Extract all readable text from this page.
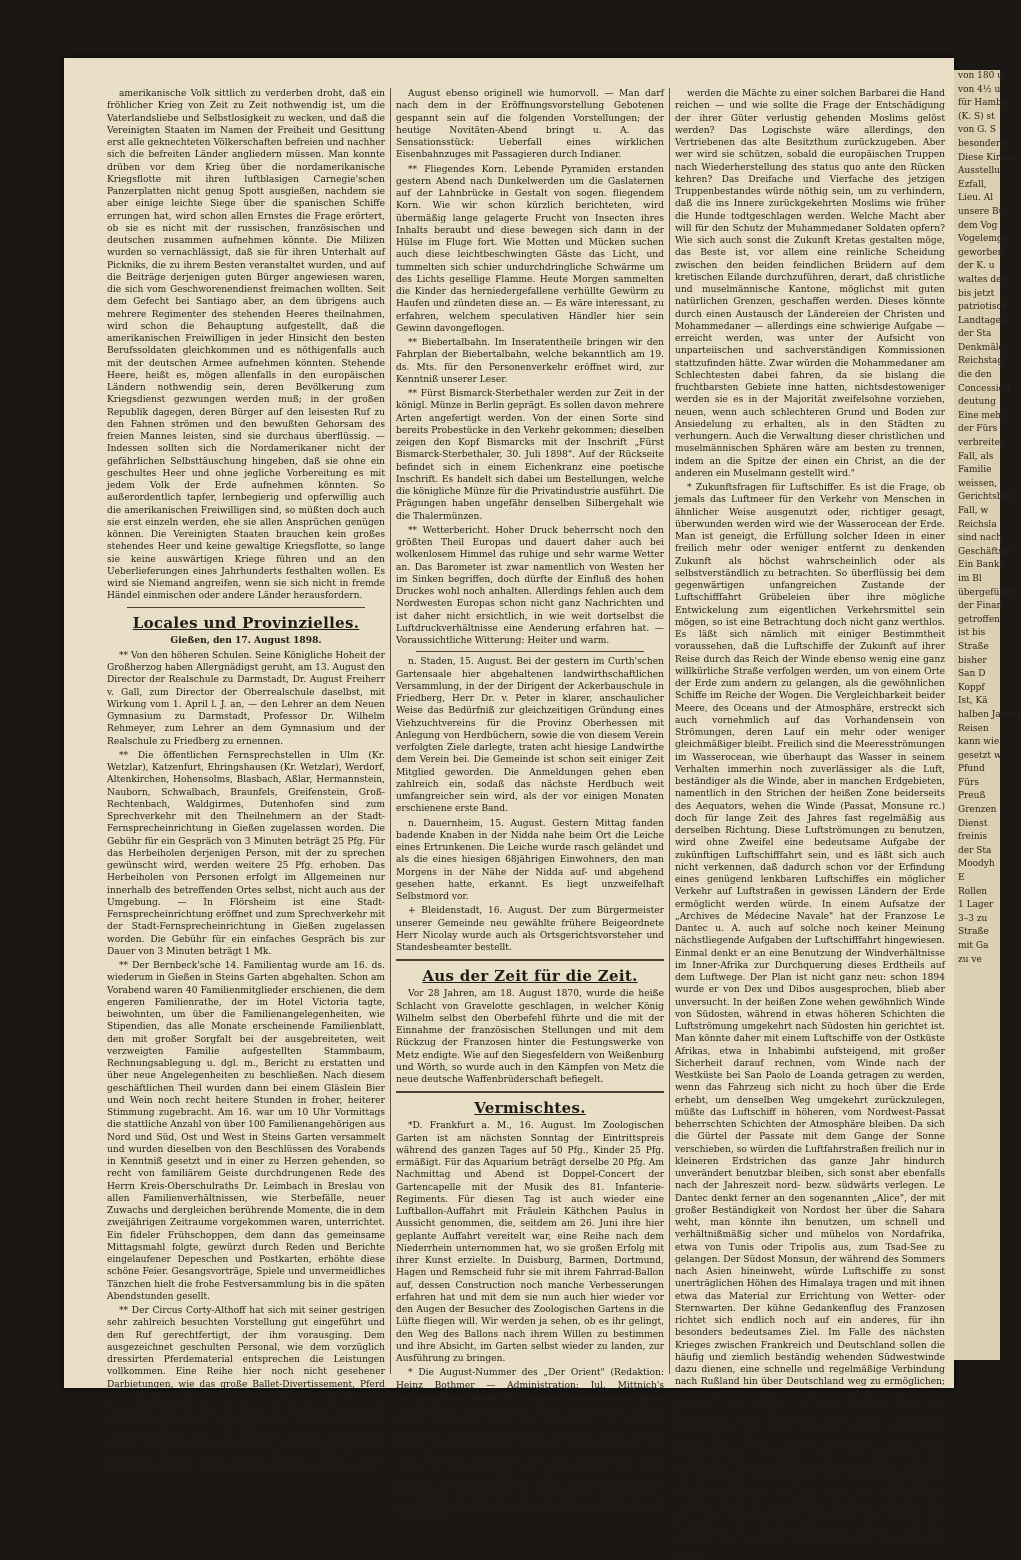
amerikanische Volk sittlich zu verderben droht, daß ein fröhlicher Krieg von Zeit zu Zeit nothwendig ist, um die Vaterlandsliebe und Selbstlosigkeit zu wecken, und daß die Vereinigten Staaten im Namen der Freiheit und Gesittung erst alle geknechteten Völkerschaften befreien und nachher sich die befreiten Länder angliedern müssen. Man konnte drüben vor dem Krieg über die nordamerikanische Kriegsflotte mit ihren luftblasigen Carnegie'schen Panzerplatten nicht genug Spott ausgießen, nachdem sie aber einige leichte Siege über die spanischen Schiffe errungen hat, wird schon allen Ernstes die Frage erörtert, ob sie es nicht mit der russischen, französischen und deutschen zusammen aufnehmen könnte. Die Milizen wurden so vernachlässigt, daß sie für ihren Unterhalt auf Pickniks, die zu ihrem Besten veranstaltet wurden, und auf die Beiträge derjenigen guten Bürger angewiesen waren, die sich vom Geschworenendienst freimachen wollten. Seit dem Gefecht bei Santiago aber, an dem übrigens auch mehrere Regimenter des stehenden Heeres theilnahmen, wird schon die Behauptung aufgestellt, daß die amerikanischen Freiwilligen in jeder Hinsicht den besten Berufssoldaten gleichkommen und es nöthigenfalls auch mit der deutschen Armee aufnehmen könnten. Stehende Heere, heißt es, mögen allenfalls in den europäischen Ländern nothwendig sein, deren Bevölkerung zum Kriegsdienst gezwungen werden muß; in der großen Republik dagegen, deren Bürger auf den leisesten Ruf zu den Fahnen strömen und den bewußten Gehorsam des freien Mannes leisten, sind sie durchaus überflüssig. — Indessen sollten sich die Nordamerikaner nicht der gefährlichen Selbsttäuschung hingeben, daß sie ohne ein geschultes Heer und ohne jegliche Vorbereitung es mit jedem Volk der Erde aufnehmen könnten. So außerordentlich tapfer, lernbegierig und opferwillig auch die amerikanischen Freiwilligen sind, so müßten doch auch sie erst einzeln werden, ehe sie allen Ansprüchen genügen können. Die Vereinigten Staaten brauchen kein großes stehendes Heer und keine gewaltige Kriegsflotte, so lange sie keine auswärtigen Kriege führen und an den Ueberlieferungen eines Jahrhunderts festhalten wollen. Es wird sie Niemand angreifen, wenn sie sich nicht in fremde Händel einmischen oder andere Länder herausfordern.

Locales und Provinzielles.

Gießen, den 17. August 1898.

** Von den höheren Schulen. Seine Königliche Hoheit der Großherzog haben Allergnädigst geruht, am 13. August den Director der Realschule zu Darmstadt, Dr. August Freiherr v. Gall, zum Director der Oberrealschule daselbst, mit Wirkung vom 1. April l. J. an, — den Lehrer an dem Neuen Gymnasium zu Darmstadt, Professor Dr. Wilhelm Rehmeyer, zum Lehrer an dem Gymnasium und der Realschule zu Friedberg zu ernennen.

** Die öffentlichen Fernsprechstellen in Ulm (Kr. Wetzlar), Katzenfurt, Ehringshausen (Kr. Wetzlar), Werdorf, Altenkirchen, Hohensolms, Blasbach, Aßlar, Hermannstein, Nauborn, Schwalbach, Braunfels, Greifenstein, Groß-Rechtenbach, Waldgirmes, Dutenhofen sind zum Sprechverkehr mit den Theilnehmern an der Stadt-Fernsprecheinrichtung in Gießen zugelassen worden. Die Gebühr für ein Gespräch von 3 Minuten beträgt 25 Pfg. Für das Herbeiholen derjenigen Person, mit der zu sprechen gewünscht wird, werden weitere 25 Pfg. erhoben. Das Herbeiholen von Personen erfolgt im Allgemeinen nur innerhalb des betreffenden Ortes selbst, nicht auch aus der Umgebung. — In Flörsheim ist eine Stadt-Fernsprecheinrichtung eröffnet und zum Sprechverkehr mit der Stadt-Fernsprecheinrichtung in Gießen zugelassen worden. Die Gebühr für ein einfaches Gespräch bis zur Dauer von 3 Minuten beträgt 1 Mk.

** Der Bernbeck'sche 14. Familientag wurde am 16. ds. wiederum in Gießen in Steins Garten abgehalten. Schon am Vorabend waren 40 Familienmitglieder erschienen, die dem engeren Familienrathe, der im Hotel Victoria tagte, beiwohnten, um über die Familienangelegenheiten, wie Stipendien, das alle Monate erscheinende Familienblatt, den mit großer Sorgfalt bei der ausgebreiteten, weit verzweigten Familie aufgestellten Stammbaum, Rechnungsablegung u. dgl. m., Bericht zu erstatten und über neue Angelegenheiten zu beschließen. Nach diesem geschäftlichen Theil wurden dann bei einem Gläslein Bier und Wein noch recht heitere Stunden in froher, heiterer Stimmung zugebracht. Am 16. war um 10 Uhr Vormittags die stattliche Anzahl von über 100 Familienangehörigen aus Nord und Süd, Ost und West in Steins Garten versammelt und wurden dieselben von den Beschlüssen des Vorabends in Kenntniß gesetzt und in einer zu Herzen gehenden, so recht von familiärem Geiste durchdrungenen Rede des Herrn Kreis-Oberschulraths Dr. Leimbach in Breslau von allen Familienverhältnissen, wie Sterbefälle, neuer Zuwachs und dergleichen berührende Momente, die in dem zweijährigen Zeitraume vorgekommen waren, unterrichtet. Ein fideler Frühschoppen, dem dann das gemeinsame Mittagsmahl folgte, gewürzt durch Reden und Berichte eingelaufener Depeschen und Postkarten, erhöhte diese schöne Feier. Gesangsvorträge, Spiele und unvermeidliches Tänzchen hielt die frohe Festversammlung bis in die späten Abendstunden gesellt.

** Der Circus Corty-Althoff hat sich mit seiner gestrigen sehr zahlreich besuchten Vorstellung gut eingeführt und den Ruf gerechtfertigt, der ihm vorausging. Dem ausgezeichnet geschulten Personal, wie dem vorzüglich dressirten Pferdematerial entsprechen die Leistungen vollkommen. Eine Reihe hier noch nicht gesehener Darbietungen, wie das große Ballet-Divertissement, Pferd und Dogge, der wackere Gladiator Stahnke, der Riesenfaltomortale über 15 Mann, der Jongleur Pearson auf ungesatteltem Pferde, Doppel-Jockeys und schließlich das Monstre-Tableau mit 50 Pferden fanden stürmischen Beifall. Die Vorführungen der nach verschiedenen Schulen dressirten Pferde durch Herrn Director Althoff waren bewundernswerth, und die Darbietungen der Clowns und

August ebenso originell wie humorvoll. — Man darf nach dem in der Eröffnungsvorstellung Gebotenen gespannt sein auf die folgenden Vorstellungen; der heutige Novitäten-Abend bringt u. A. das Sensationsstück: Ueberfall eines wirklichen Eisenbahnzuges mit Passagieren durch Indianer.

** Fliegendes Korn. Lebende Pyramiden erstanden gestern Abend nach Dunkelwerden um die Gaslaternen auf der Lahnbrücke in Gestalt von sogen. fliegendem Korn. Wie wir schon kürzlich berichteten, wird übermäßig lange gelagerte Frucht von Insecten ihres Inhalts beraubt und diese bewegen sich dann in der Hülse im Fluge fort. Wie Motten und Mücken suchen auch diese leichtbeschwingten Gäste das Licht, und tummelten sich schier undurchdringliche Schwärme um des Lichts gesellige Flamme. Heute Morgen sammelten die Kinder das herniedergefallene verhüllte Gewürm zu Haufen und zündeten diese an. — Es wäre interessant, zu erfahren, welchem speculativen Händler hier sein Gewinn davongeflogen.

** Biebertalbahn. Im Inseratentheile bringen wir den Fahrplan der Biebertalbahn, welche bekanntlich am 19. ds. Mts. für den Personenverkehr eröffnet wird, zur Kenntniß unserer Leser.

** Fürst Bismarck-Sterbethaler werden zur Zeit in der königl. Münze in Berlin geprägt. Es sollen davon mehrere Arten angefertigt werden. Von der einen Sorte sind bereits Probestücke in den Verkehr gekommen; dieselben zeigen den Kopf Bismarcks mit der Inschrift „Fürst Bismarck-Sterbethaler, 30. Juli 1898". Auf der Rückseite befindet sich in einem Eichenkranz eine poetische Inschrift. Es handelt sich dabei um Bestellungen, welche die königliche Münze für die Privatindustrie ausführt. Die Prägungen haben ungefähr denselben Silbergehalt wie die Thalermünzen.

** Wetterbericht. Hoher Druck beherrscht noch den größten Theil Europas und dauert daher auch bei wolkenlosem Himmel das ruhige und sehr warme Wetter an. Das Barometer ist zwar namentlich von Westen her im Sinken begriffen, doch dürfte der Einfluß des hohen Druckes wohl noch anhalten. Allerdings fehlen auch dem Nordwesten Europas schon nicht ganz Nachrichten und ist daher nicht ersichtlich, in wie weit dortselbst die Luftdruckverhältnisse eine Aenderung erfahren hat. — Voraussichtliche Witterung: Heiter und warm.

n. Staden, 15. August. Bei der gestern im Curth'schen Gartensaale hier abgehaltenen landwirthschaftlichen Versammlung, in der der Dirigent der Ackerbauschule in Friedberg, Herr Dr. v. Peter in klarer, anschaulicher Weise das Bedürfniß zur gleichzeitigen Gründung eines Viehzuchtvereins für die Provinz Oberhessen mit Anlegung von Herdbüchern, sowie die von diesem Verein verfolgten Ziele darlegte, traten acht hiesige Landwirthe dem Verein bei. Die Gemeinde ist schon seit einiger Zeit Mitglied geworden. Die Anmeldungen gehen eben zahlreich ein, sodaß das nächste Herdbuch weit umfangreicher sein wird, als der vor einigen Monaten erschienene erste Band.

n. Dauernheim, 15. August. Gestern Mittag fanden badende Knaben in der Nidda nahe beim Ort die Leiche eines Ertrunkenen. Die Leiche wurde rasch geländet und als die eines hiesigen 68jährigen Einwohners, den man Morgens in der Nähe der Nidda auf- und abgehend gesehen hatte, erkannt. Es liegt unzweifelhaft Selbstmord vor.

+ Bleidenstadt, 16. August. Der zum Bürgermeister unserer Gemeinde neu gewählte frühere Beigeordnete Herr Nicolay wurde auch als Ortsgerichtsvorsteher und Standesbeamter bestellt.

Aus der Zeit für die Zeit.

Vor 28 Jahren, am 18. August 1870, wurde die heiße Schlacht von Gravelotte geschlagen, in welcher König Wilhelm selbst den Oberbefehl führte und die mit der Einnahme der französischen Stellungen und mit dem Rückzug der Franzosen hinter die Festungswerke von Metz endigte. Wie auf den Siegesfeldern von Weißenburg und Wörth, so wurde auch in den Kämpfen von Metz die neue deutsche Waffenbrüderschaft befiegelt.

Vermischtes.

*D. Frankfurt a. M., 16. August. Im Zoologischen Garten ist am nächsten Sonntag der Eintrittspreis während des ganzen Tages auf 50 Pfg., Kinder 25 Pfg. ermäßigt. Für das Aquarium beträgt derselbe 20 Pfg. Am Nachmittag und Abend ist Doppel-Concert der Gartencapelle mit der Musik des 81. Infanterie-Regiments. Für diesen Tag ist auch wieder eine Luftballon-Auffahrt mit Fräulein Käthchen Paulus in Aussicht genommen, die, seitdem am 26. Juni ihre hier geplante Auffahrt vereitelt war, eine Reihe nach dem Niederrhein unternommen hat, wo sie großen Erfolg mit ihrer Kunst erzielte. In Duisburg, Barmen, Dortmund, Hagen und Remscheid fuhr sie mit ihrem Fahrrad-Ballon auf, dessen Construction noch manche Verbesserungen erfahren hat und mit dem sie nun auch hier wieder vor den Augen der Besucher des Zoologischen Gartens in die Lüfte fliegen will. Wir werden ja sehen, ob es ihr gelingt, den Weg des Ballons nach ihrem Willen zu bestimmen und ihre Absicht, im Garten selbst wieder zu landen, zur Ausführung zu bringen.

* Die August-Nummer des „Der Orient" (Redaktion: Heinz Bothmer — Administration: Jul. Mittnich's Buchhandlung, Berlin W.), welche sich wiederum durch reichhaltigen, interessanten Inhalt auszeichnet, enthält einen Leitartikel über die Kretafrage, in welchem folgender „Vorschlag zur Güte" gemacht wird: „Da die Pforte an der Herstellung des alten Rechtszustandes von den Mächten verhindert wird, so übernehmen diese damit die Verpflichtung zum Einschreiten. Der Rath, einiger Insurgentenführer, alle muhammedanischen Flüchtlinge zwangsweise nach Kleinasien abzuschieben, wäre ja allerdings für die Christen sehr vortheilhaft, doch schwerlich

werden die Mächte zu einer solchen Barbarei die Hand reichen — und wie sollte die Frage der Entschädigung der ihrer Güter verlustig gehenden Moslims gelöst werden? Das Logischste wäre allerdings, den Vertriebenen das alte Besitzthum zurückzugeben. Aber wer wird sie schützen, sobald die europäischen Truppen nach Wiederherstellung des status quo ante den Rücken kehren? Das Dreifache und Vierfache des jetzigen Truppenbestandes würde nöthig sein, um zu verhindern, daß die ins Innere zurückgekehrten Moslims wie früher die Hunde todtgeschlagen werden. Welche Macht aber will für den Schutz der Muhammedaner Soldaten opfern? Wie sich auch sonst die Zukunft Kretas gestalten möge, das Beste ist, vor allem eine reinliche Scheidung zwischen den beiden feindlichen Brüdern auf dem kretischen Eilande durchzuführen, derart, daß christliche und muselmännische Kantone, möglichst mit guten natürlichen Grenzen, geschaffen werden. Dieses könnte durch einen Austausch der Ländereien der Christen und Mohammedaner — allerdings eine schwierige Aufgabe — erreicht werden, was unter der Aufsicht von unparteiischen und sachverständigen Kommissionen stattzufinden hätte. Zwar würden die Mohammedaner am Schlechtesten dabei fahren, da sie bislang die fruchtbarsten Gebiete inne hatten, nichtsdestoweniger werden sie es in der Majorität zweifelsohne vorziehen, neuen, wenn auch schlechteren Grund und Boden zur Ansiedelung zu erhalten, als in den Städten zu verhungern. Auch die Verwaltung dieser christlichen und muselmännischen Sphären wäre am besten zu trennen, indem an die Spitze der einen ein Christ, an die der anderen ein Muselmann gestellt wird."

* Zukunftsfragen für Luftschiffer. Es ist die Frage, ob jemals das Luftmeer für den Verkehr von Menschen in ähnlicher Weise ausgenutzt oder, richtiger gesagt, überwunden werden wird wie der Wasserocean der Erde. Man ist geneigt, die Erfüllung solcher Ideen in einer freilich mehr oder weniger entfernt zu denkenden Zukunft als höchst wahrscheinlich oder als selbstverständlich zu betrachten. So überflüssig bei dem gegenwärtigen unfangreichen Zustande der Luftschifffahrt Grübeleien über ihre mögliche Entwickelung zum eigentlichen Verkehrsmittel sein mögen, so ist eine Betrachtung doch nicht ganz werthlos. Es läßt sich nämlich mit einiger Bestimmtheit voraussehen, daß die Luftschiffe der Zukunft auf ihrer Reise durch das Reich der Winde ebenso wenig eine ganz willkürliche Straße verfolgen werden, um von einem Orte der Erde zum andern zu gelangen, als die gewöhnlichen Schiffe im Reiche der Wogen. Die Vergleichbarkeit beider Meere, des Oceans und der Atmosphäre, erstreckt sich auch vornehmlich auf das Vorhandensein von Strömungen, deren Lauf ein mehr oder weniger gleichmäßiger bleibt. Freilich sind die Meeresströmungen im Wasserocean, wie überhaupt das Wasser in seinem Verhalten immerhin noch zuverlässiger als die Luft, beständiger als die Winde, aber in manchen Erdgebieten, namentlich in den Strichen der heißen Zone beiderseits des Aequators, wehen die Winde (Passat, Monsune rc.) doch für lange Zeit des Jahres fast regelmäßig aus derselben Richtung. Diese Luftströmungen zu benutzen, wird ohne Zweifel eine bedeutsame Aufgabe der zukünftigen Luftschifffahrt sein, und es läßt sich auch nicht verkennen, daß dadurch schon vor der Erfindung eines genügend lenkbaren Luftschiffes ein möglicher Verkehr auf Luftstraßen in gewissen Ländern der Erde ermöglicht werden würde. In einem Aufsatze der „Archives de Médecine Navale" hat der Franzose Le Dantec u. A. auch auf solche noch keiner Meinung nächstliegende Aufgaben der Luftschifffahrt hingewiesen. Einmal denkt er an eine Benutzung der Windverhältnisse im Inner-Afrika zur Durchquerung dieses Erdtheils auf dem Luftwege. Der Plan ist nicht ganz neu: schon 1894 wurde er von Dex und Dibos ausgesprochen, blieb aber unversucht. In der heißen Zone wehen gewöhnlich Winde von Südosten, während in etwas höheren Schichten die Luftströmung umgekehrt nach Südosten hin gerichtet ist. Man könnte daher mit einem Luftschiffe von der Ostküste Afrikas, etwa in Inhabimbi aufsteigend, mit großer Sicherheit darauf rechnen, vom Winde nach der Westküste bei San Paolo de Loanda getragen zu werden, wenn das Fahrzeug sich nicht zu hoch über die Erde erhebt, um denselben Weg umgekehrt zurückzulegen, müßte das Luftschiff in höheren, vom Nordwest-Passat beherrschten Schichten der Atmosphäre bleiben. Da sich die Gürtel der Passate mit dem Gange der Sonne verschieben, so würden die Luftfahrstraßen freilich nur in kleineren Erdstrichen das ganze Jahr hindurch unverändert benutzbar bleiben, sich sonst aber ebenfalls nach der Jahreszeit nord- bezw. südwärts verlegen. Le Dantec denkt ferner an den sogenannten „Alice", der mit großer Beständigkeit von Nordost her über die Sahara weht, man könnte ihn benutzen, um schnell und verhältnißmäßig sicher und mühelos von Nordafrika, etwa von Tunis oder Tripolis aus, zum Tsad-See zu gelangen. Der Südost Monsun, der während des Sommers nach Asien hineinweht, würde Luftschiffe zu sonst unerträglichen Höhen des Himalaya tragen und mit ihnen etwa das Material zur Errichtung von Wetter- oder Sternwarten. Der kühne Gedankenflug des Franzosen richtet sich endlich noch auf ein anderes, für ihn besonders bedeutsames Ziel. Im Falle des nächsten Krieges zwischen Frankreich und Deutschland sollen die häufig und ziemlich beständig wehenden Südwestwinde dazu dienen, eine schnelle und regelmäßige Verbindung nach Rußland hin über Deutschland weg zu ermöglichen; daß diese Verbindung allerdings gewöhnlich nur höchst einseitig sein würde, da man dadurch wohl von Frankreich nach Rußland, aber nicht umgekehrt Nachrichten und Leute schicken könnte, bekümmert Herrn Le Dantec nicht. Uebrigens sind seine Beobachtungen jedenfalls nicht. Die Benutzung der beständigen Winde wird für die Luftschifffahrt jedenfalls von Bedeutung werden müssen, wie es die Benutzung der Meeresströmungen, um die sich der amerikanische Capitän Maury ein unsterbliches Verdienst erworben hat, für den Oceandampfer geworden ist. Durch die Benutzung der Meeresströmungen verkürzt sich der Seeweg von New-York nach Californien um Südafrika herum

von 180 u

von 4½ u

für Hambu

(K. S) st

von G. S

besondere

Diese Kirche

Ausstellu

Ezfall,

Lieu. Al

unsere Bür

dem Vog

Vogelemgr

geworben

der K. u

waltes des

bis jetzt

patriotisch

Landtages

der Sta

Denkmäler

Reichstag

die den

Concession

deutung

Eine mehr

der Fürs

verbreitet

Fall, als

Familie

weissen,

Gerichtsbez

Fall, w

Reichsla

sind nach

Geschäftslo

Ein Bankb

im Bl

übergeführt

der Finan

getroffen

ist bis

Straße

bisher

San D

Koppf

Ist, Kä

halben Jahres

Reisen

kann wie

gesetzt w

Pfund

Fürs

Preuß

Grenzen

Dienst

freinis

der Sta

Moodyh

E

Rollen

1 Lager

3–3 zu

Straße

mit Ga

zu ve
